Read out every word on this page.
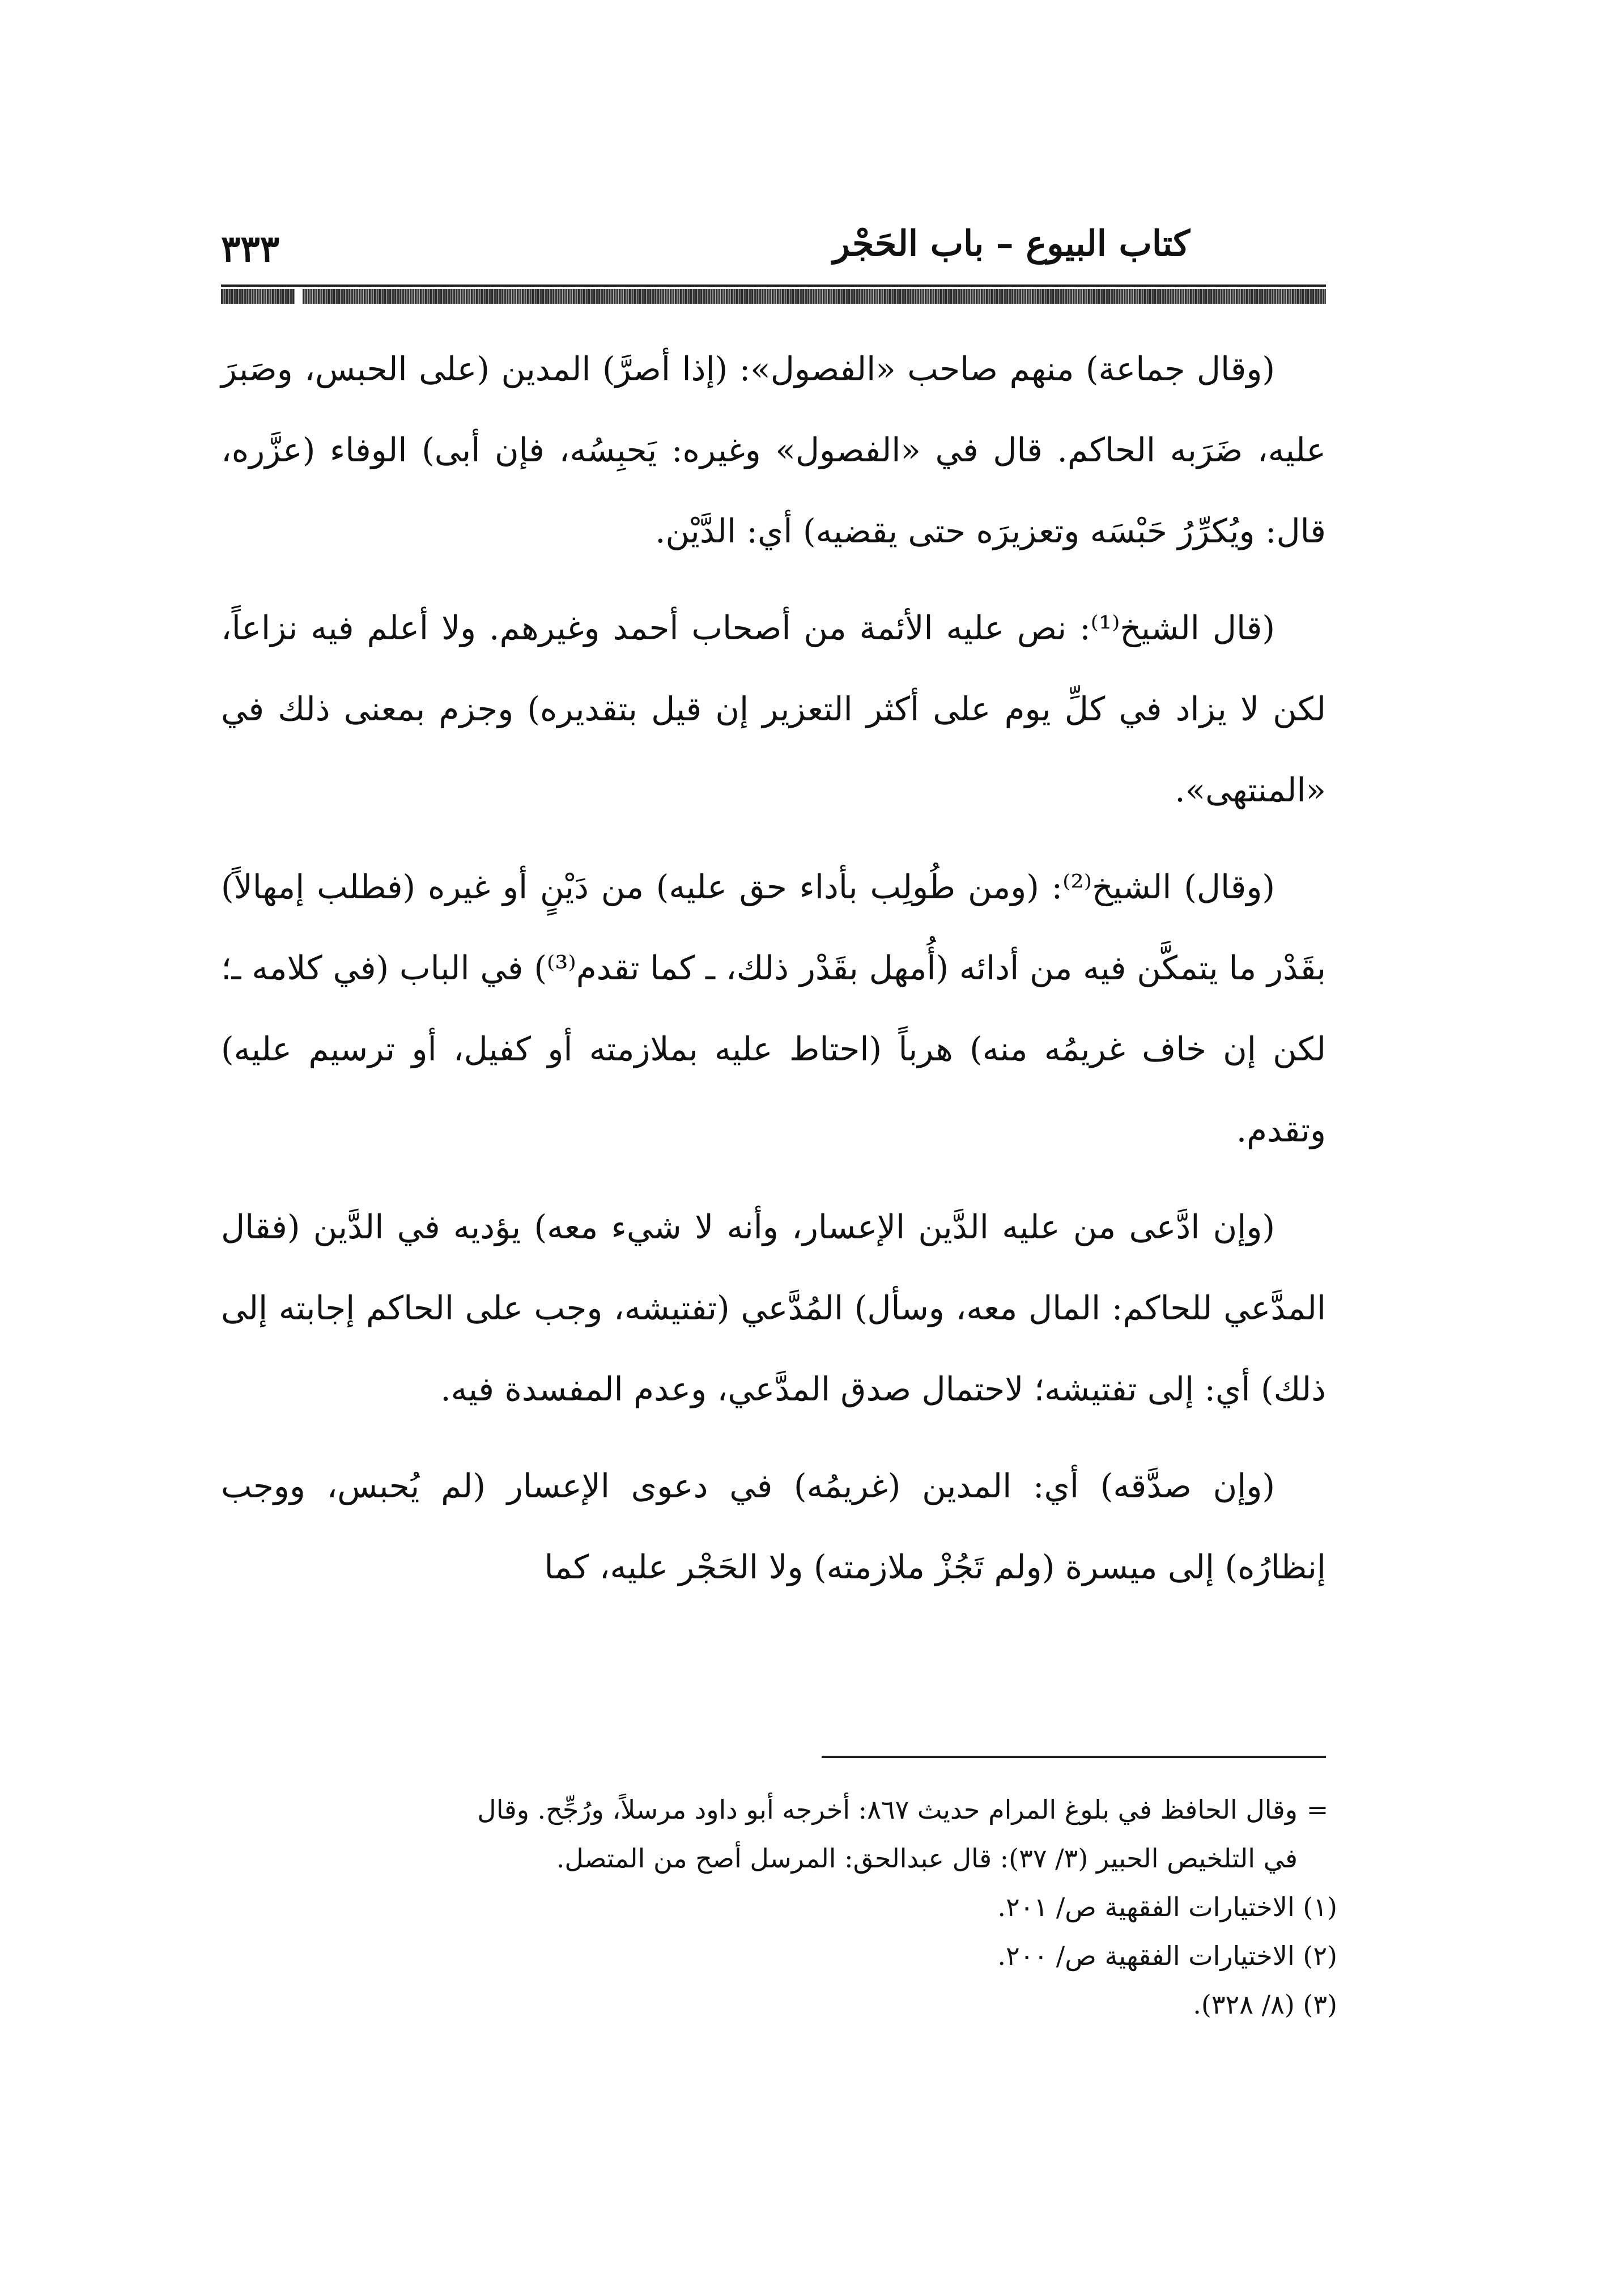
كتاب البيوع – باب الحَجْر
٣٣٣

(وقال جماعة) منهم صاحب «الفصول»: (إذا أصرَّ) المدين (على الحبس، وصَبرَ عليه، ضَرَبه الحاكم. قال في «الفصول» وغيره: يَحبِسُه، فإن أبى) الوفاء (عزَّره، قال: ويُكرِّرُ حَبْسَه وتعزيرَه حتى يقضيه) أي: الدَّيْن.

(قال الشيخ⁽¹⁾: نص عليه الأئمة من أصحاب أحمد وغيرهم. ولا أعلم فيه نزاعاً، لكن لا يزاد في كلِّ يوم على أكثر التعزير إن قيل بتقديره) وجزم بمعنى ذلك في «المنتهى».

(وقال) الشيخ⁽²⁾: (ومن طُولِب بأداء حق عليه) من دَيْنٍ أو غيره (فطلب إمهالاً) بقَدْر ما يتمكَّن فيه من أدائه (أُمهل بقَدْر ذلك، ـ كما تقدم⁽³⁾) في الباب (في كلامه ـ؛ لكن إن خاف غريمُه منه) هرباً (احتاط عليه بملازمته أو كفيل، أو ترسيم عليه) وتقدم.

(وإن ادَّعى من عليه الدَّين الإعسار، وأنه لا شيء معه) يؤديه في الدَّين (فقال المدَّعي للحاكم: المال معه، وسأل) المُدَّعي (تفتيشه، وجب على الحاكم إجابته إلى ذلك) أي: إلى تفتيشه؛ لاحتمال صدق المدَّعي، وعدم المفسدة فيه.

(وإن صدَّقه) أي: المدين (غريمُه) في دعوى الإعسار (لم يُحبس، ووجب إنظارُه) إلى ميسرة (ولم تَجُزْ ملازمته) ولا الحَجْر عليه، كما

=وقال الحافظ في بلوغ المرام حديث ٨٦٧: أخرجه أبو داود مرسلاً، ورُجِّح. وقال

في التلخيص الحبير (٣/ ٣٧): قال عبدالحق: المرسل أصح من المتصل.

(١) الاختيارات الفقهية ص/ ٢٠١.

(٢) الاختيارات الفقهية ص/ ٢٠٠.

(٣) (٨/ ٣٢٨).
